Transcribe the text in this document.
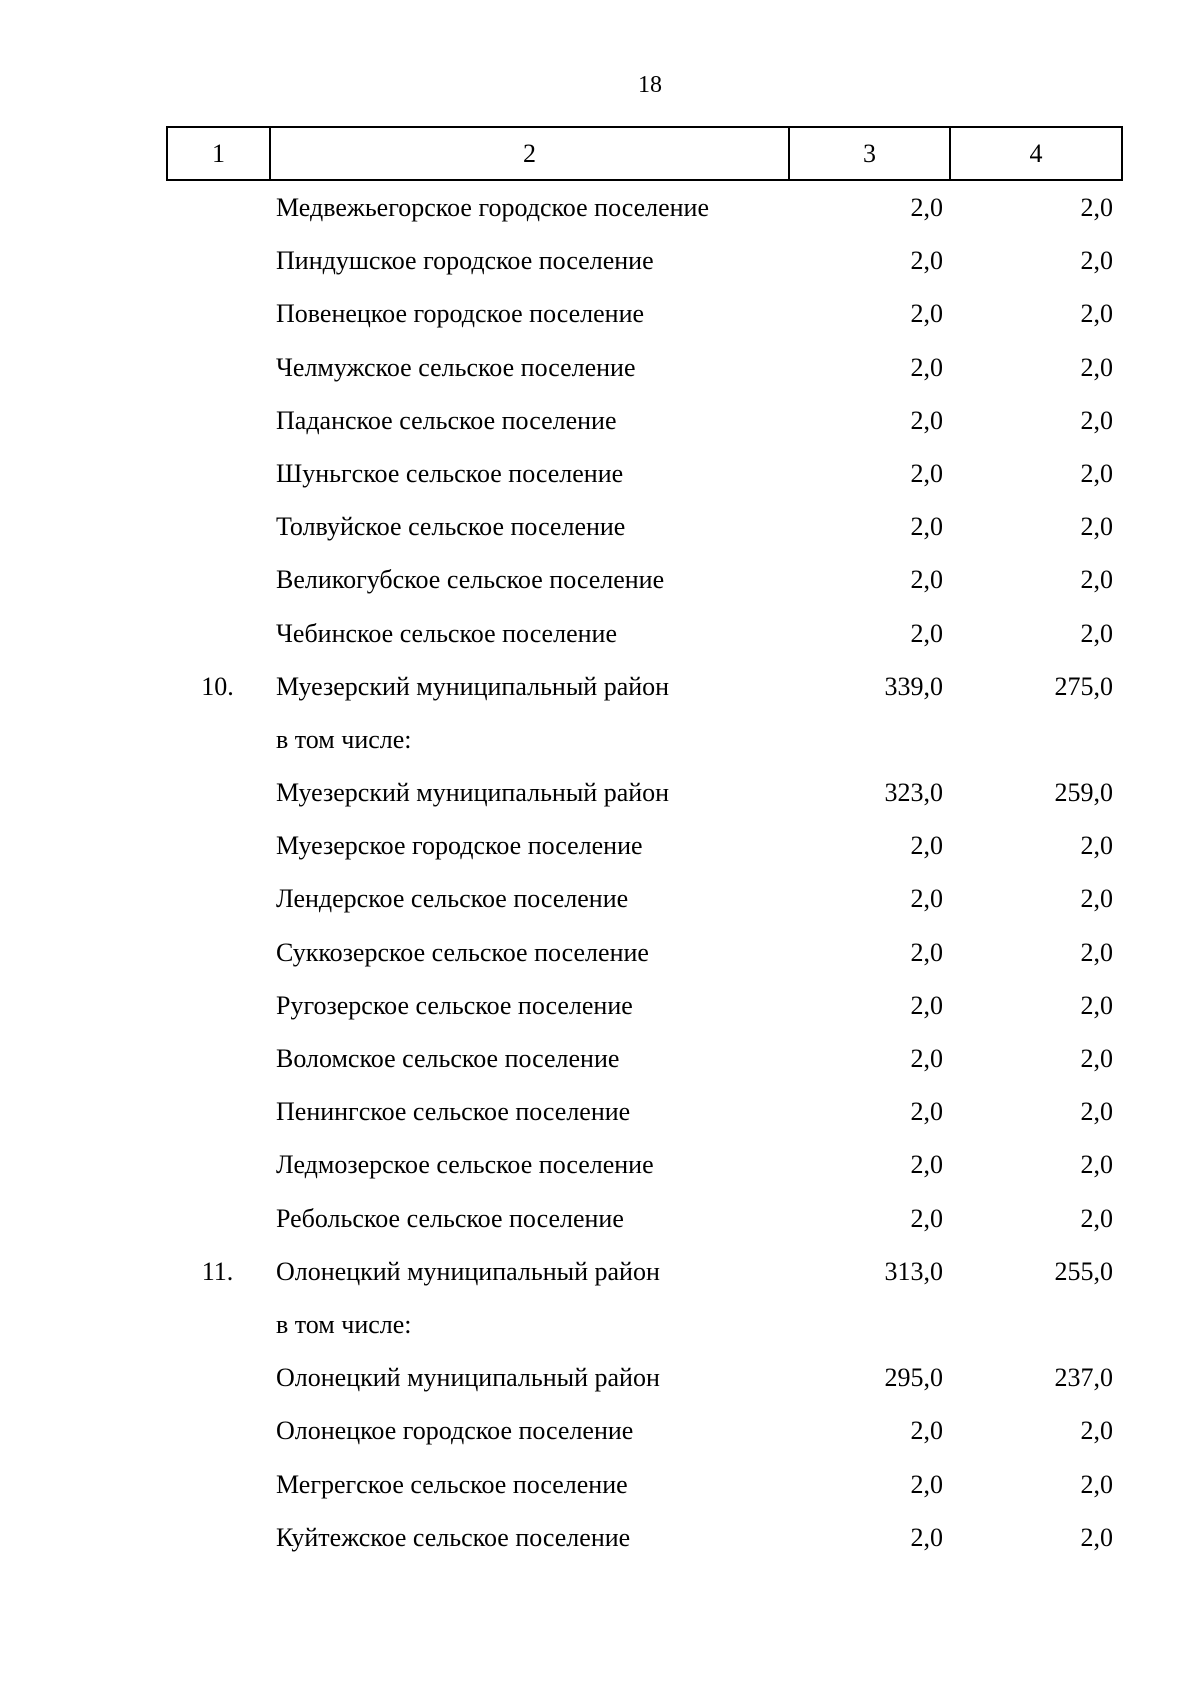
18
1	2	3	4
Медвежьегорское городское поселение	2,0	2,0
Пиндушское городское поселение	2,0	2,0
Повенецкое городское поселение	2,0	2,0
Челмужское сельское поселение	2,0	2,0
Паданское сельское поселение	2,0	2,0
Шуньгское сельское поселение	2,0	2,0
Толвуйское сельское поселение	2,0	2,0
Великогубское сельское поселение	2,0	2,0
Чебинское сельское поселение	2,0	2,0
10.	Муезерский муниципальный район	339,0	275,0
в том числе:
Муезерский муниципальный район	323,0	259,0
Муезерское городское поселение	2,0	2,0
Лендерское сельское поселение	2,0	2,0
Суккозерское сельское поселение	2,0	2,0
Ругозерское сельское поселение	2,0	2,0
Воломское сельское поселение	2,0	2,0
Пенингское сельское поселение	2,0	2,0
Ледмозерское сельское поселение	2,0	2,0
Ребольское сельское поселение	2,0	2,0
11.	Олонецкий муниципальный район	313,0	255,0
в том числе:
Олонецкий муниципальный район	295,0	237,0
Олонецкое городское поселение	2,0	2,0
Мегрегское сельское поселение	2,0	2,0
Куйтежское сельское поселение	2,0	2,0
